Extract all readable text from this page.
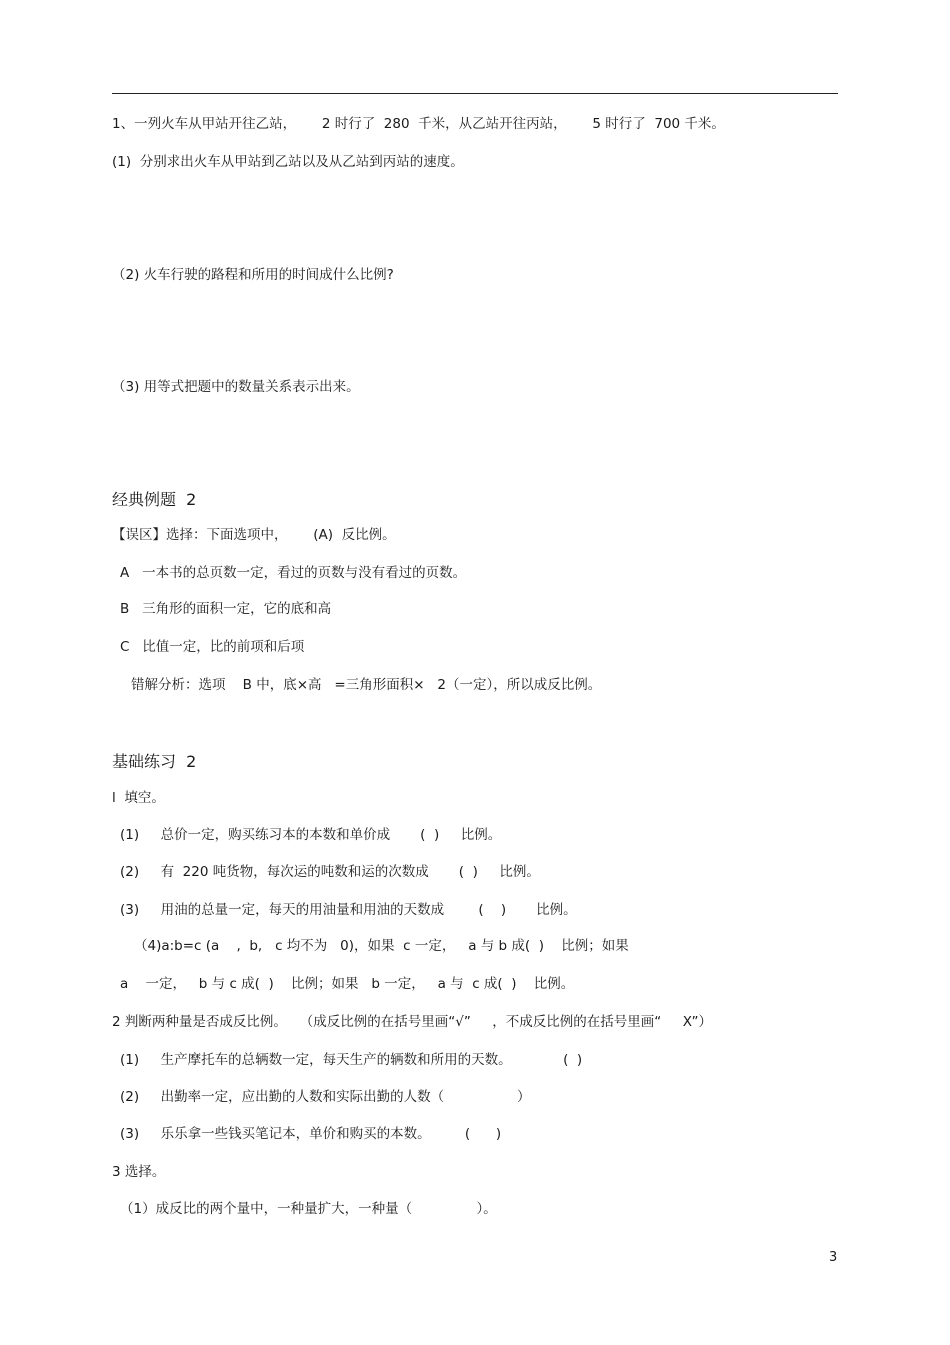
1、一列火车从甲站开往乙站，      2 时行了  280  千米，从乙站开往丙站，      5 时行了  700 千米。
(1)  分别求出火车从甲站到乙站以及从乙站到丙站的速度。
（2) 火车行驶的路程和所用的时间成什么比例?
（3) 用等式把题中的数量关系表示出来。
经典例题  2
【误区】选择：下面选项中，      (A)  反比例。
A   一本书的总页数一定，看过的页数与没有看过的页数。
B   三角形的面积一定，它的底和高
C   比值一定，比的前项和后项
错解分析：选项    B 中，底×高   =三角形面积×   2（一定），所以成反比例。
基础练习  2
l  填空。
(1)     总价一定，购买练习本的本数和单价成       (  )     比例。
(2)     有  220 吨货物，每次运的吨数和运的次数成       (  )     比例。
(3)     用油的总量一定，每天的用油量和用油的天数成        (    )       比例。
（4)a:b=c (a    ,  b,   c 均不为   0)，如果  c 一定，   a 与 b 成(  )    比例；如果
a    一定，   b 与 c 成(  )    比例；如果   b 一定，   a 与  c 成(  )    比例。
2 判断两种量是否成反比例。   （成反比例的在括号里画“√”     ，不成反比例的在括号里画“     X”）
(1)     生产摩托车的总辆数一定，每天生产的辆数和所用的天数。            (  )
(2)     出勤率一定，应出勤的人数和实际出勤的人数（                 ）
(3)     乐乐拿一些钱买笔记本，单价和购买的本数。        (      )
3 选择。
（1）成反比的两个量中，一种量扩大，一种量（               ）。
3
